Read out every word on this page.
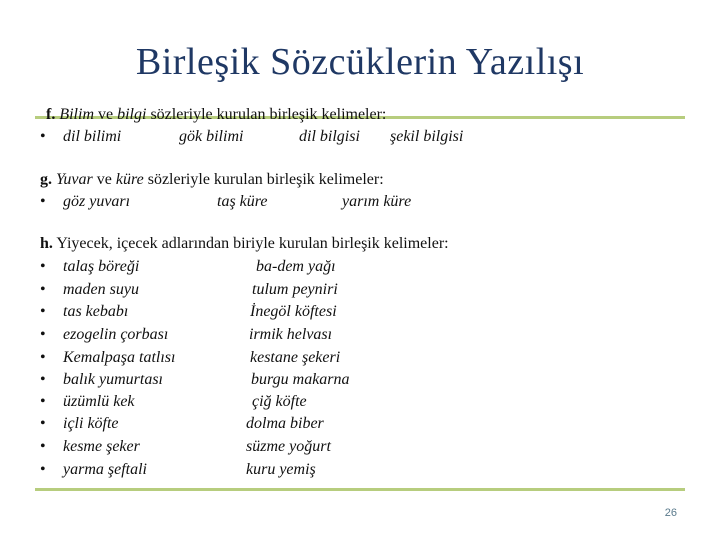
Birleşik Sözcüklerin Yazılışı
f. Bilim ve bilgi sözleriyle kurulan birleşik kelimeler:
• dil bilimi	gök bilimi	dil bilgisi şekil bilgisi
g. Yuvar ve küre sözleriyle kurulan birleşik kelimeler:
• göz yuvarı	taş küre	yarım küre
h. Yiyecek, içecek adlarından biriyle kurulan birleşik kelimeler:
• talaş böreği	ba-dem yağı
• maden suyu	tulum peyniri
• tas kebabı	İnegöl köftesi
• ezogelin çorbası	irmik helvası
• Kemalpaşa tatlısı	kestane şekeri
• balık yumurtası	burgu makarna
• üzümlü kek	çiğ köfte
• içli köfte	dolma biber
• kesme şeker	süzme yoğurt
• yarma şeftali	kuru yemiş
26
